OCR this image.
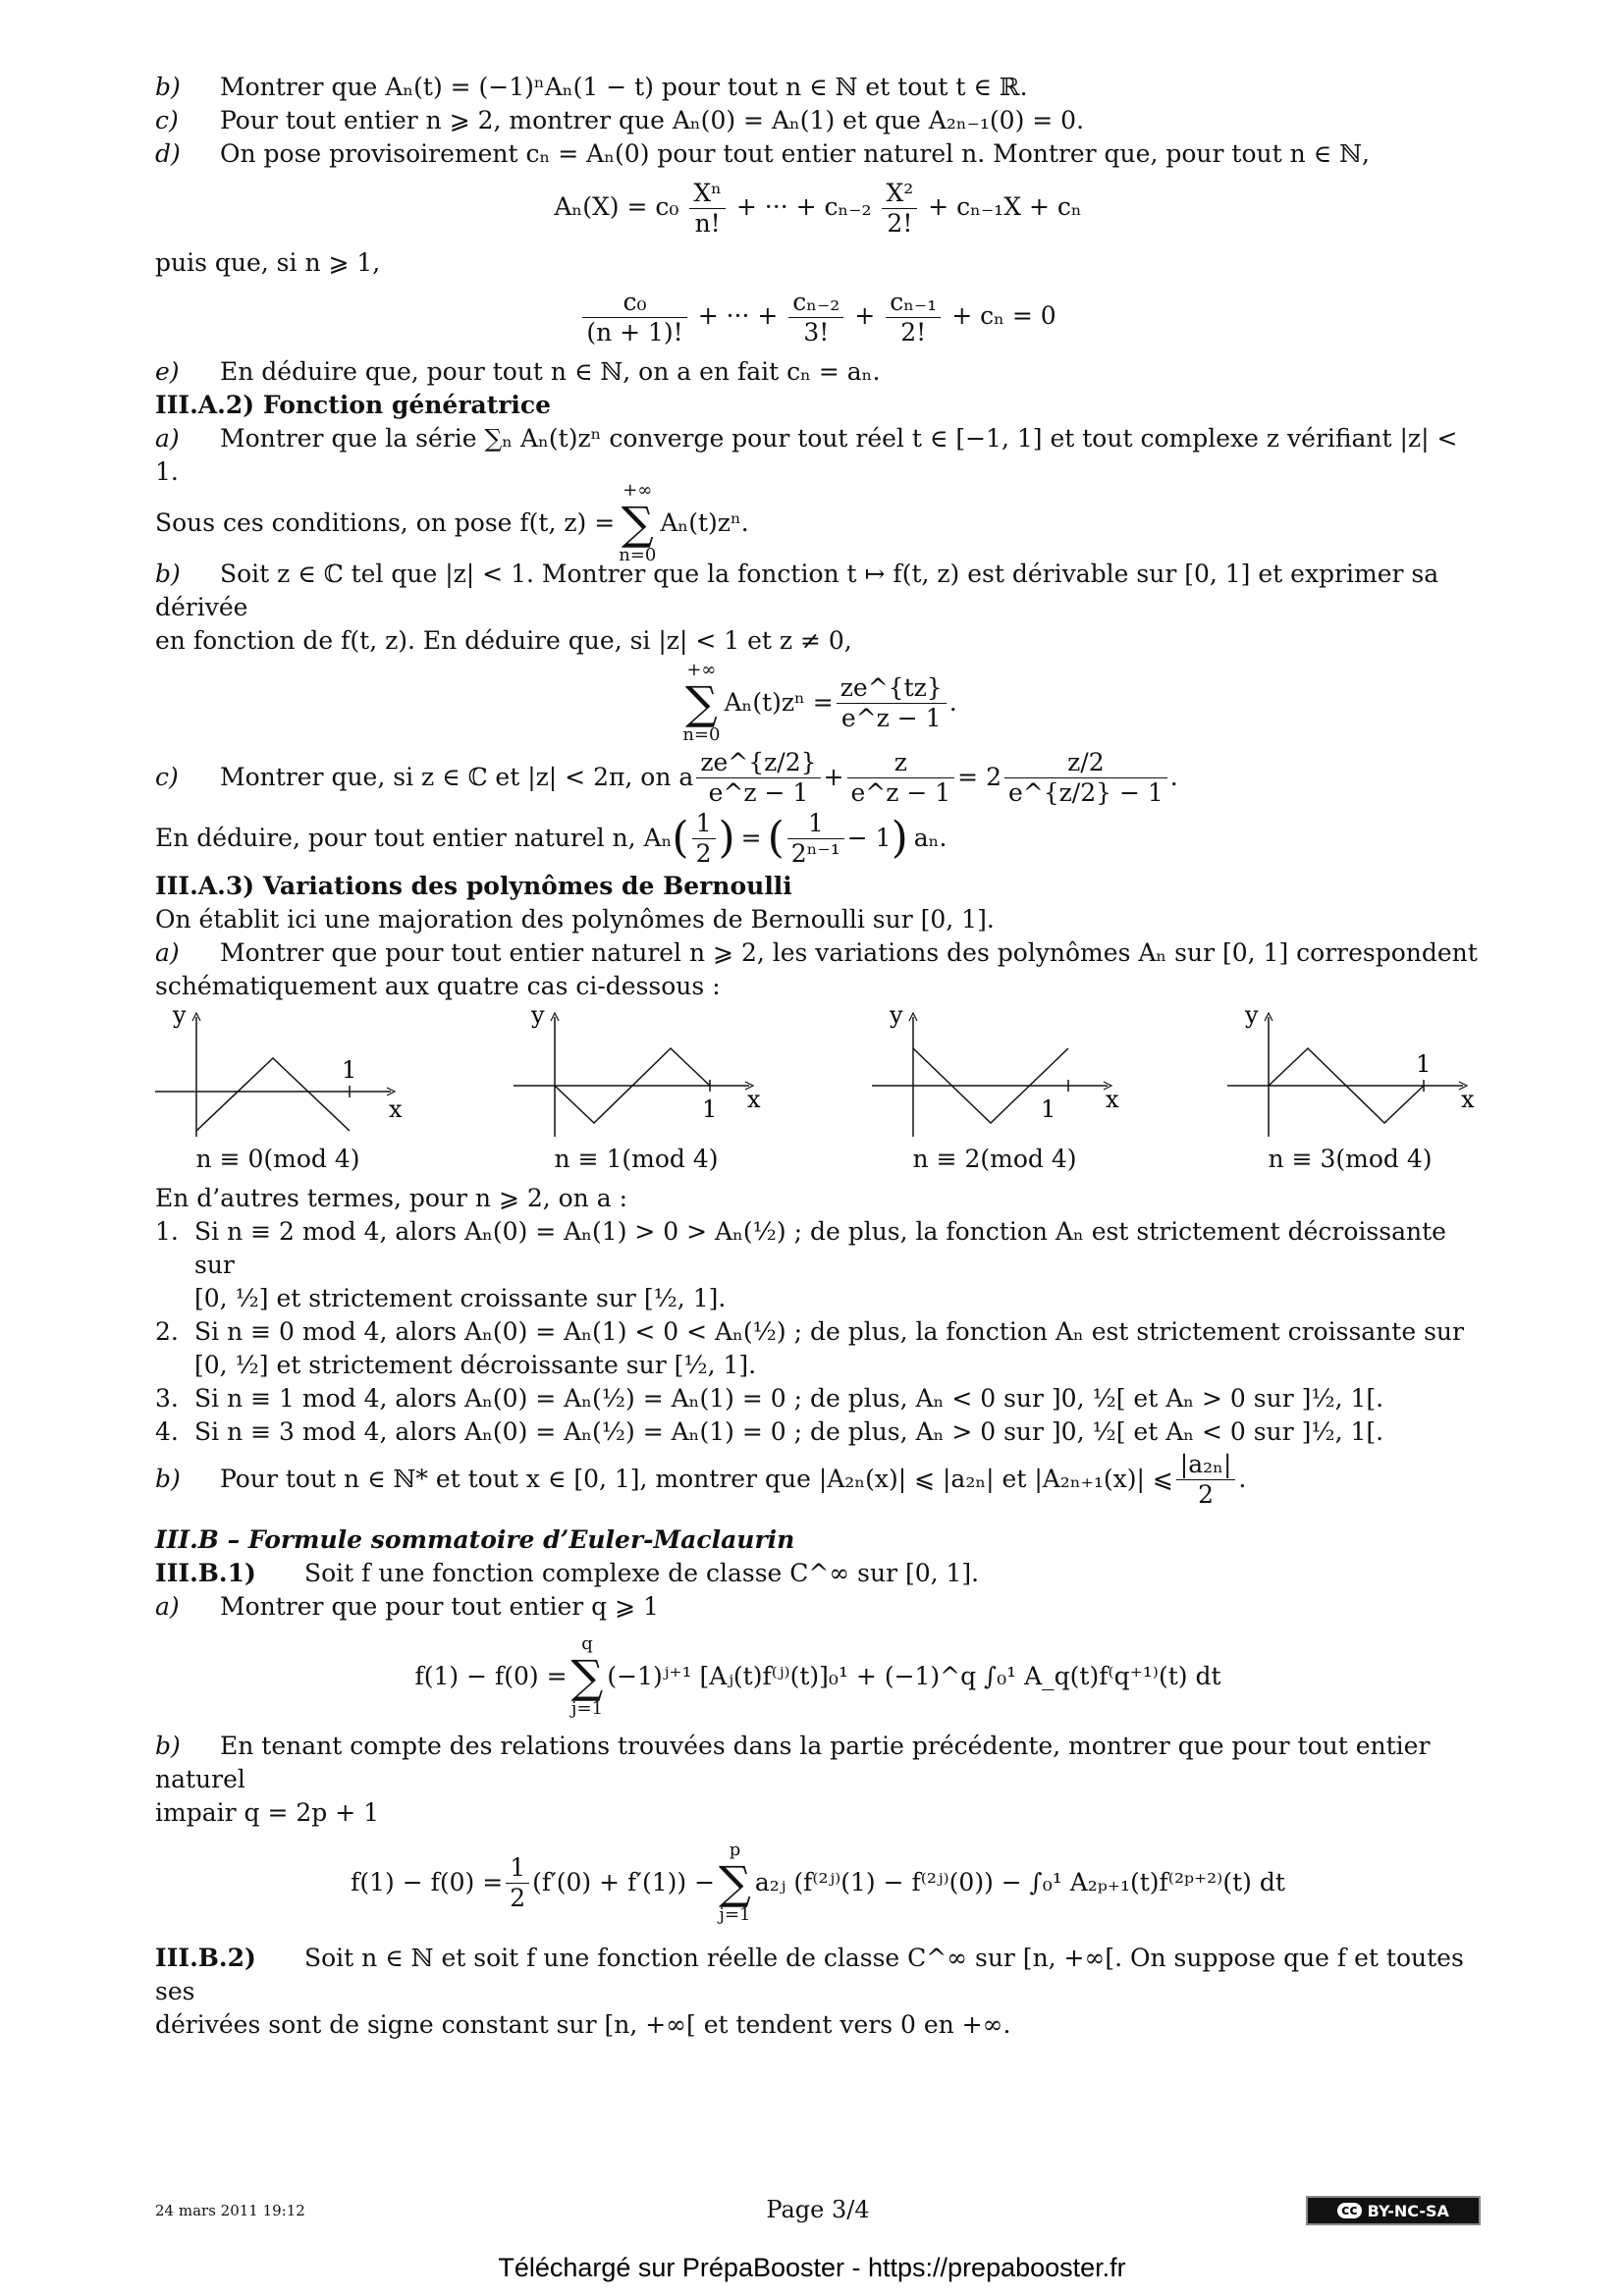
b) Montrer que Aₙ(t) = (−1)ⁿAₙ(1 − t) pour tout n ∈ ℕ et tout t ∈ ℝ.
c) Pour tout entier n ⩾ 2, montrer que Aₙ(0) = Aₙ(1) et que A₂ₙ₋₁(0) = 0.
d) On pose provisoirement cₙ = Aₙ(0) pour tout entier naturel n. Montrer que, pour tout n ∈ ℕ,
$A_n(X) = c_0 \frac{\text{Xⁿ}}{n!}$ + ··· + $c_{n-2} \frac{\text{X²}}{2!} + c_{n-1}X + c_n$
puis que, si n ⩾ 1,
$\frac{\text{c₀}}{(n + 1)!}$ + ··· + $\frac{\text{cₙ₋₂}}{3!} + \frac{\text{cₙ₋₁}}{2!} + c_n = 0$
e) En déduire que, pour tout n ∈ ℕ, on a en fait cₙ = aₙ.
III.A.2) Fonction génératrice
a) Montrer que la série ∑ₙ Aₙ(t)zⁿ converge pour tout réel t ∈ [−1, 1] et tout complexe z vérifiant |z| < 1.
Sous ces conditions, on pose f(t, z) =
+∞
∑
n=0
Aₙ(t)zⁿ.
b) Soit z ∈ ℂ tel que |z| < 1. Montrer que la fonction t ↦ f(t, z) est dérivable sur [0, 1] et exprimer sa dérivée
en fonction de f(t, z). En déduire que, si |z| < 1 et z ≠ 0,
+∞
∑
n=0
$A_n(t)z^n = \frac{ze\^{}\{tz\}}{e\^{}z - 1}$ .
c)	Montrer que, si z ∈ ℂ et |z| < 2π, on a $\frac{ze\^{}\{z/2\}}{e\^{}z - 1} + \frac{z}{e\^{}z - 1} = 2 \frac{z/2}{e\^{}\{z/2\} - 1}$ .
En déduire, pour tout entier naturel n, Aₙ ( $\frac{1}{2}$ ) = ( $\frac{1}{\text{2ⁿ⁻¹}} - 1$ ) aₙ.
III.A.3) Variations des polynômes de Bernoulli
On établit ici une majoration des polynômes de Bernoulli sur [0, 1].
a) Montrer que pour tout entier naturel n ⩾ 2, les variations des polynômes Aₙ sur [0, 1] correspondent
schématiquement aux quatre cas ci-dessous :
y
x
1
n ≡ 0(mod 4)
y
x
1
n ≡ 1(mod 4)
y
x
1
n ≡ 2(mod 4)
y
x
1
n ≡ 3(mod 4)
En d’autres termes, pour n ⩾ 2, on a :
1. Si n ≡ 2 mod 4, alors Aₙ(0) = Aₙ(1) > 0 > Aₙ(½) ; de plus, la fonction Aₙ est strictement décroissante sur
[0, ½] et strictement croissante sur [½, 1].
2. Si n ≡ 0 mod 4, alors Aₙ(0) = Aₙ(1) < 0 < Aₙ(½) ; de plus, la fonction Aₙ est strictement croissante sur
[0, ½] et strictement décroissante sur [½, 1].
3. Si n ≡ 1 mod 4, alors Aₙ(0) = Aₙ(½) = Aₙ(1) = 0 ; de plus, Aₙ < 0 sur ]0, ½[ et Aₙ > 0 sur ]½, 1[.
4. Si n ≡ 3 mod 4, alors Aₙ(0) = Aₙ(½) = Aₙ(1) = 0 ; de plus, Aₙ > 0 sur ]0, ½[ et Aₙ < 0 sur ]½, 1[.
b)	Pour tout n ∈ ℕ* et tout x ∈ [0, 1], montrer que |A₂ₙ(x)| ⩽ |a₂ₙ| et |A₂ₙ₊₁(x)| ⩽ $\frac{\text{|a₂ₙ|}}{2}$ .
III.B – Formule sommatoire d’Euler-Maclaurin
III.B.1) Soit f une fonction complexe de classe C^∞ sur [0, 1].
a) Montrer que pour tout entier q ⩾ 1
f(1) − f(0) =
q
∑
j=1
(−1)ʲ⁺¹ [Aⱼ(t)f⁽ʲ⁾(t)]₀¹ + (−1)^q ∫₀¹ A_q(t)f⁽q⁺¹⁾(t) dt
b) En tenant compte des relations trouvées dans la partie précédente, montrer que pour tout entier naturel
impair q = 2p + 1
$f(1) - f(0) = \frac{1}{2} (f'(0) + f'(1))$ −
p
∑
j=1
a₂ⱼ (f⁽²ʲ⁾(1) − f⁽²ʲ⁾(0)) − ∫₀¹ A₂ₚ₊₁(t)f⁽²ᵖ⁺²⁾(t) dt
III.B.2) Soit n ∈ ℕ et soit f une fonction réelle de classe C^∞ sur [n, +∞[. On suppose que f et toutes ses
dérivées sont de signe constant sur [n, +∞[ et tendent vers 0 en +∞.
24 mars 2011 19:12	Page 3/4	cc BY-NC-SA
Téléchargé sur PrépaBooster - https://prepabooster.fr
